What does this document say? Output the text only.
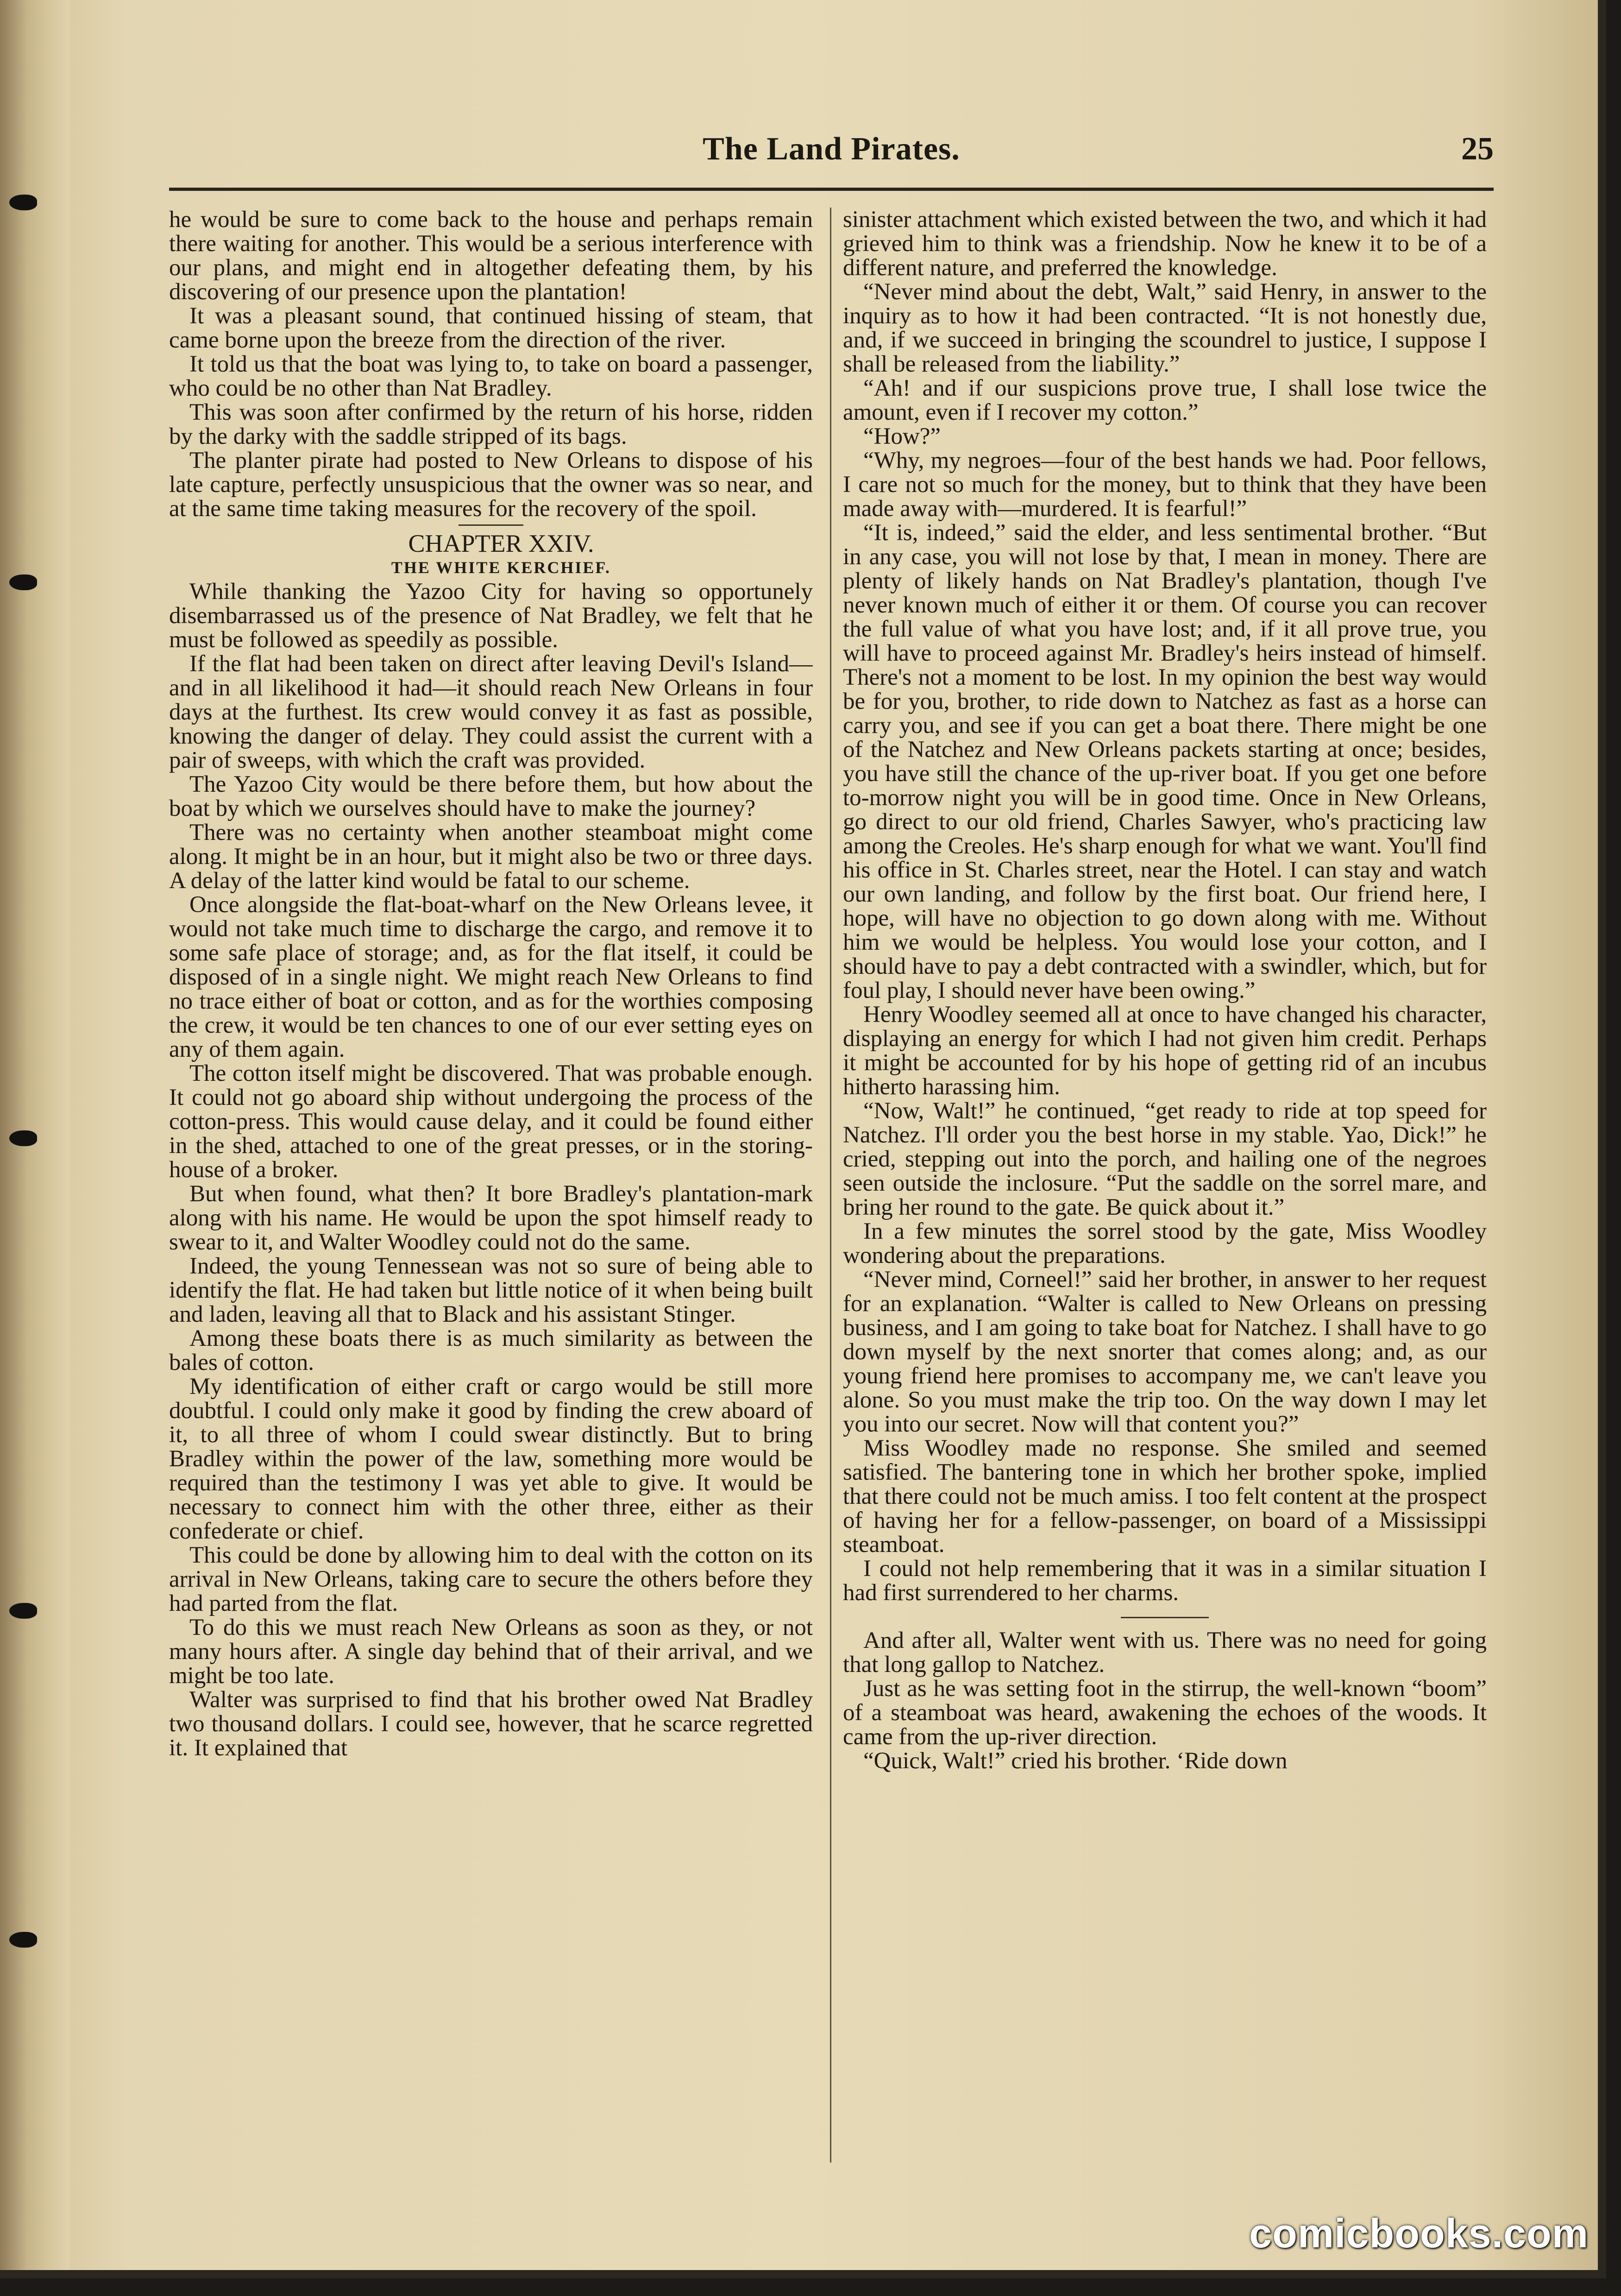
The Land Pirates.	25

he would be sure to come back to the house and perhaps remain there waiting for another. This would be a serious interference with our plans, and might end in altogether defeating them, by his discovering of our presence upon the plantation!

It was a pleasant sound, that continued hissing of steam, that came borne upon the breeze from the direction of the river.

It told us that the boat was lying to, to take on board a passenger, who could be no other than Nat Bradley.

This was soon after confirmed by the return of his horse, ridden by the darky with the saddle stripped of its bags.

The planter pirate had posted to New Orleans to dispose of his late capture, perfectly unsuspicious that the owner was so near, and at the same time taking measures for the recovery of the spoil.

CHAPTER XXIV.

THE WHITE KERCHIEF.

While thanking the Yazoo City for having so opportunely disembarrassed us of the presence of Nat Bradley, we felt that he must be followed as speedily as possible.

If the flat had been taken on direct after leaving Devil's Island—and in all likelihood it had—it should reach New Orleans in four days at the furthest. Its crew would convey it as fast as possible, knowing the danger of delay. They could assist the current with a pair of sweeps, with which the craft was provided.

The Yazoo City would be there before them, but how about the boat by which we ourselves should have to make the journey?

There was no certainty when another steamboat might come along. It might be in an hour, but it might also be two or three days. A delay of the latter kind would be fatal to our scheme.

Once alongside the flat-boat-wharf on the New Orleans levee, it would not take much time to discharge the cargo, and remove it to some safe place of storage; and, as for the flat itself, it could be disposed of in a single night. We might reach New Orleans to find no trace either of boat or cotton, and as for the worthies composing the crew, it would be ten chances to one of our ever setting eyes on any of them again.

The cotton itself might be discovered. That was probable enough. It could not go aboard ship without undergoing the process of the cotton-press. This would cause delay, and it could be found either in the shed, attached to one of the great presses, or in the storing-house of a broker.

But when found, what then? It bore Bradley's plantation-mark along with his name. He would be upon the spot himself ready to swear to it, and Walter Woodley could not do the same.

Indeed, the young Tennessean was not so sure of being able to identify the flat. He had taken but little notice of it when being built and laden, leaving all that to Black and his assistant Stinger.

Among these boats there is as much similarity as between the bales of cotton.

My identification of either craft or cargo would be still more doubtful. I could only make it good by finding the crew aboard of it, to all three of whom I could swear distinctly. But to bring Bradley within the power of the law, something more would be required than the testimony I was yet able to give. It would be necessary to connect him with the other three, either as their confederate or chief.

This could be done by allowing him to deal with the cotton on its arrival in New Orleans, taking care to secure the others before they had parted from the flat.

To do this we must reach New Orleans as soon as they, or not many hours after. A single day behind that of their arrival, and we might be too late.

Walter was surprised to find that his brother owed Nat Bradley two thousand dollars. I could see, however, that he scarce regretted it. It explained that

sinister attachment which existed between the two, and which it had grieved him to think was a friendship. Now he knew it to be of a different nature, and preferred the knowledge.

“Never mind about the debt, Walt,” said Henry, in answer to the inquiry as to how it had been contracted. “It is not honestly due, and, if we succeed in bringing the scoundrel to justice, I suppose I shall be released from the liability.”

“Ah! and if our suspicions prove true, I shall lose twice the amount, even if I recover my cotton.”

“How?”

“Why, my negroes—four of the best hands we had. Poor fellows, I care not so much for the money, but to think that they have been made away with—murdered. It is fearful!”

“It is, indeed,” said the elder, and less sentimental brother. “But in any case, you will not lose by that, I mean in money. There are plenty of likely hands on Nat Bradley's plantation, though I've never known much of either it or them. Of course you can recover the full value of what you have lost; and, if it all prove true, you will have to proceed against Mr. Bradley's heirs instead of himself. There's not a moment to be lost. In my opinion the best way would be for you, brother, to ride down to Natchez as fast as a horse can carry you, and see if you can get a boat there. There might be one of the Natchez and New Orleans packets starting at once; besides, you have still the chance of the up-river boat. If you get one before to-morrow night you will be in good time. Once in New Orleans, go direct to our old friend, Charles Sawyer, who's practicing law among the Creoles. He's sharp enough for what we want. You'll find his office in St. Charles street, near the Hotel. I can stay and watch our own landing, and follow by the first boat. Our friend here, I hope, will have no objection to go down along with me. Without him we would be helpless. You would lose your cotton, and I should have to pay a debt contracted with a swindler, which, but for foul play, I should never have been owing.”

Henry Woodley seemed all at once to have changed his character, displaying an energy for which I had not given him credit. Perhaps it might be accounted for by his hope of getting rid of an incubus hitherto harassing him.

“Now, Walt!” he continued, “get ready to ride at top speed for Natchez. I'll order you the best horse in my stable. Yao, Dick!” he cried, stepping out into the porch, and hailing one of the negroes seen outside the inclosure. “Put the saddle on the sorrel mare, and bring her round to the gate. Be quick about it.”

In a few minutes the sorrel stood by the gate, Miss Woodley wondering about the preparations.

“Never mind, Corneel!” said her brother, in answer to her request for an explanation. “Walter is called to New Orleans on pressing business, and I am going to take boat for Natchez. I shall have to go down myself by the next snorter that comes along; and, as our young friend here promises to accompany me, we can't leave you alone. So you must make the trip too. On the way down I may let you into our secret. Now will that content you?”

Miss Woodley made no response. She smiled and seemed satisfied. The bantering tone in which her brother spoke, implied that there could not be much amiss. I too felt content at the prospect of having her for a fellow-passenger, on board of a Mississippi steamboat.

I could not help remembering that it was in a similar situation I had first surrendered to her charms.

And after all, Walter went with us. There was no need for going that long gallop to Natchez.

Just as he was setting foot in the stirrup, the well-known “boom” of a steamboat was heard, awakening the echoes of the woods. It came from the up-river direction.

“Quick, Walt!” cried his brother. ‘Ride down

comicbooks.com
